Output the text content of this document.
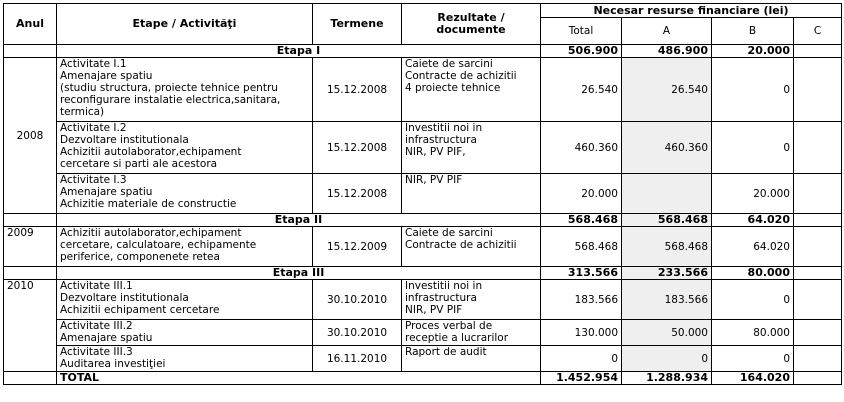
Anul	Etape / Activităţi	Termene	Rezultate / documente	Necesar resurse financiare (lei)			
				Total	A	B	C
	Etapa I			506.900	486.900	20.000	
2008	Activitate I.1
Amenajare spatiu
(studiu structura, proiecte tehnice pentru
reconfigurare instalatie electrica,sanitara,
termica)	15.12.2008	Caiete de sarcini
Contracte de achizitii
4 proiecte tehnice	26.540	26.540	0	

	Activitate I.2
Dezvoltare institutionala
Achizitii autolaborator,echipament
cercetare si parti ale acestora	15.12.2008	Investitii noi in
infrastructura
NIR, PV PIF,	460.360	460.360	0	

	Activitate I.3
Amenajare spatiu
Achizitie materiale de constructie	15.12.2008	NIR, PV PIF	20.000		20.000	
	Etapa II			568.468	568.468	64.020	
2009	Achizitii autolaborator,echipament
cercetare, calculatoare, echipamente
periferice, componenete retea	15.12.2009	Caiete de sarcini
Contracte de achizitii	568.468	568.468	64.020	
	Etapa III			313.566	233.566	80.000	
2010	Activitate III.1
Dezvoltare institutionala
Achizitii echipament cercetare	30.10.2010	Investitii noi in
infrastructura
NIR, PV PIF	183.566	183.566	0	

	Activitate III.2
Amenajare spatiu	30.10.2010	Proces verbal de
receptie a lucrarilor	130.000	50.000	80.000	

	Activitate III.3
Auditarea investiţiei	16.11.2010	Raport de audit	0	0	0	
	TOTAL			1.452.954	1.288.934	164.020	
